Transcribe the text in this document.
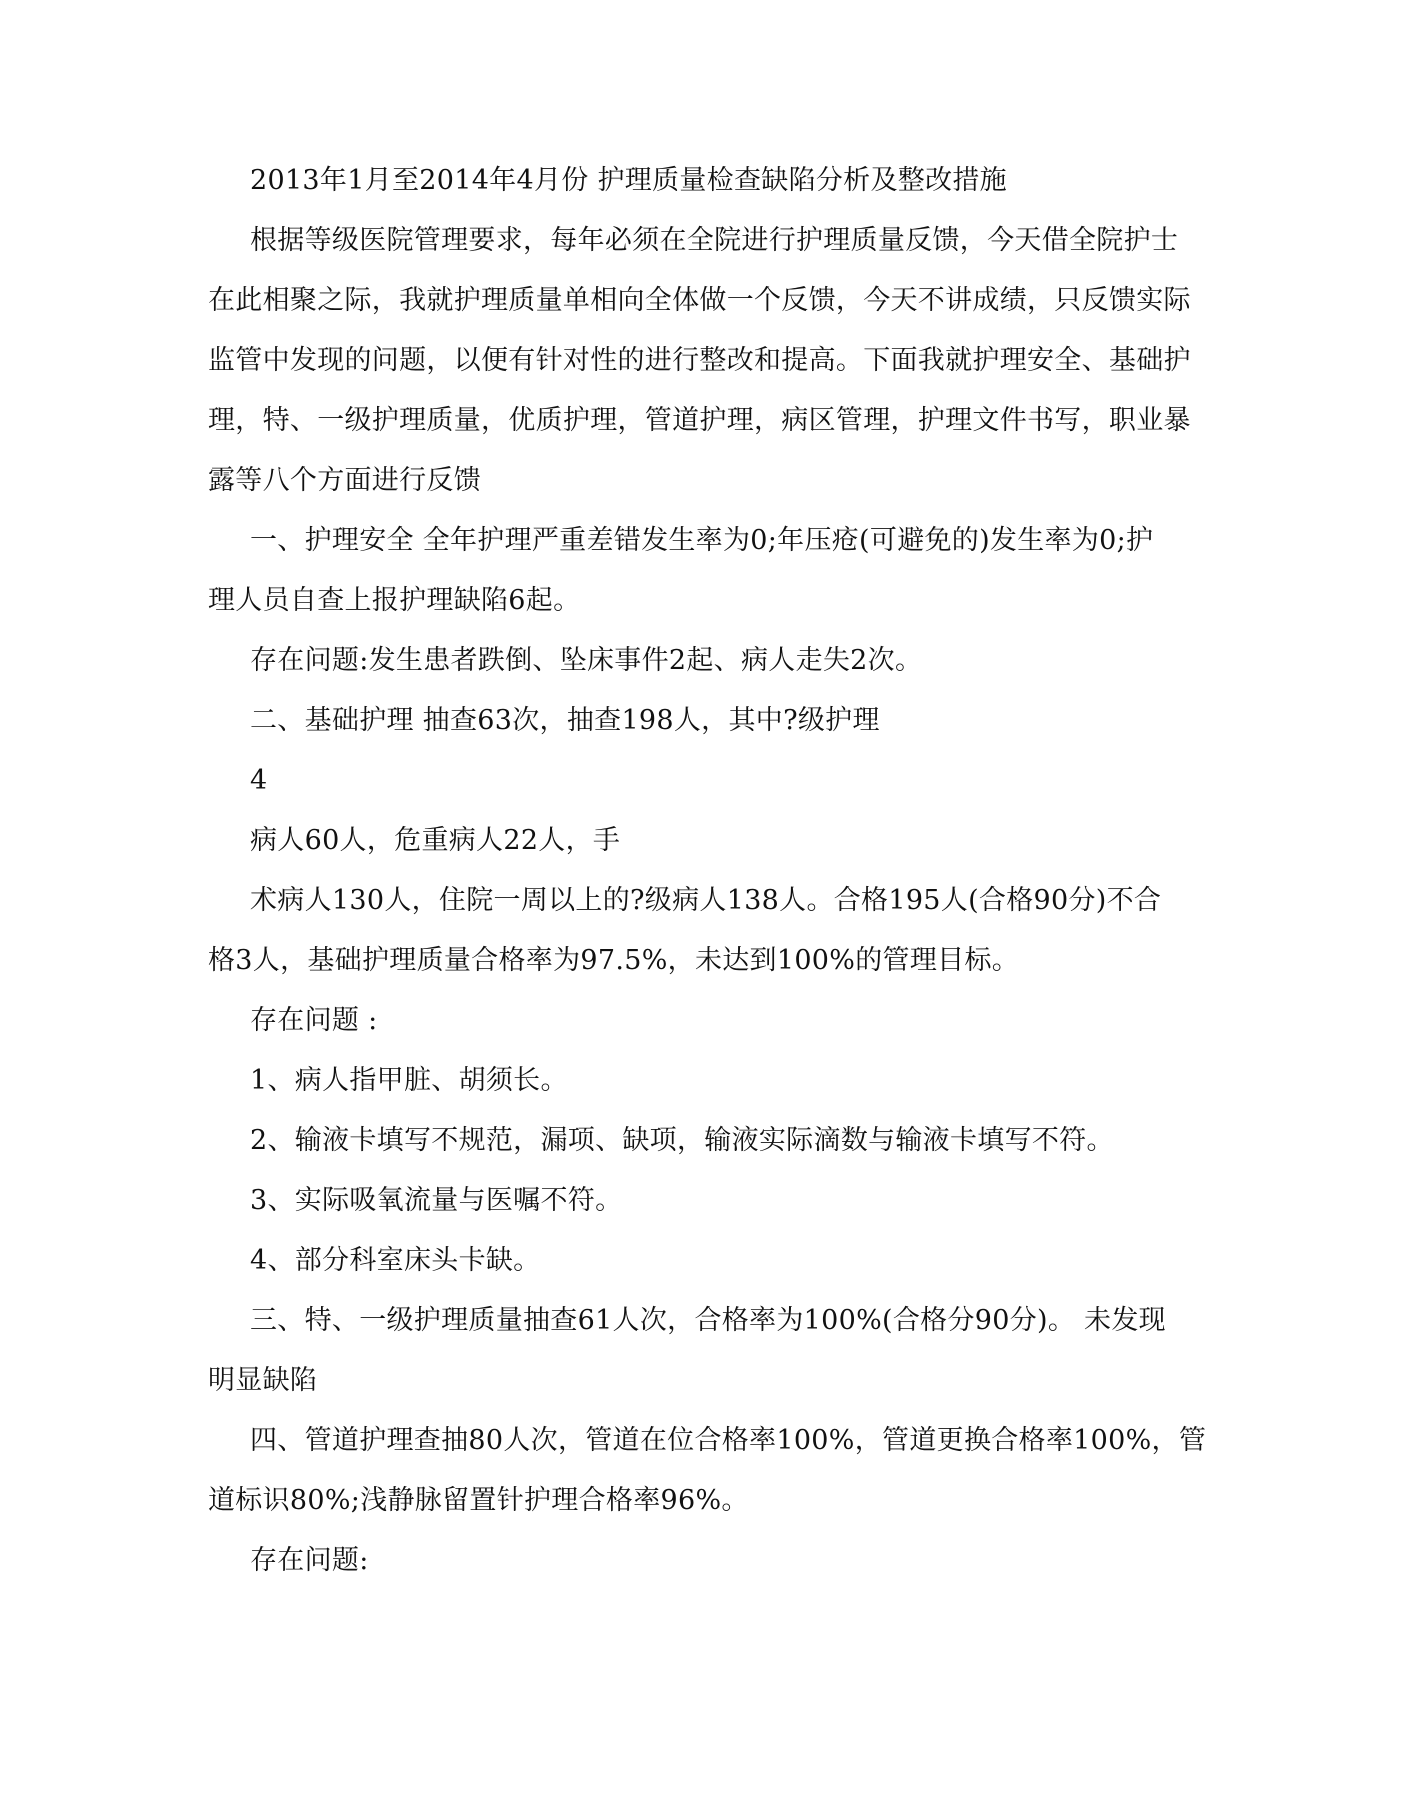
2013年1月至2014年4月份 护理质量检查缺陷分析及整改措施
根据等级医院管理要求，每年必须在全院进行护理质量反馈，今天借全院护士
在此相聚之际，我就护理质量单相向全体做一个反馈，今天不讲成绩，只反馈实际
监管中发现的问题，以便有针对性的进行整改和提高。下面我就护理安全、基础护
理，特、一级护理质量，优质护理，管道护理，病区管理，护理文件书写，职业暴
露等八个方面进行反馈
一、护理安全 全年护理严重差错发生率为0;年压疮(可避免的)发生率为0;护
理人员自查上报护理缺陷6起。
存在问题:发生患者跌倒、坠床事件2起、病人走失2次。
二、基础护理 抽查63次，抽查198人，其中?级护理
4
病人60人，危重病人22人，手
术病人130人，住院一周以上的?级病人138人。合格195人(合格90分)不合
格3人，基础护理质量合格率为97.5%，未达到100%的管理目标。
存在问题 :
1、病人指甲脏、胡须长。
2、输液卡填写不规范，漏项、缺项，输液实际滴数与输液卡填写不符。
3、实际吸氧流量与医嘱不符。
4、部分科室床头卡缺。
三、特、一级护理质量抽查61人次，合格率为100%(合格分90分)。 未发现
明显缺陷
四、管道护理查抽80人次，管道在位合格率100%，管道更换合格率100%，管
道标识80%;浅静脉留置针护理合格率96%。
存在问题:
